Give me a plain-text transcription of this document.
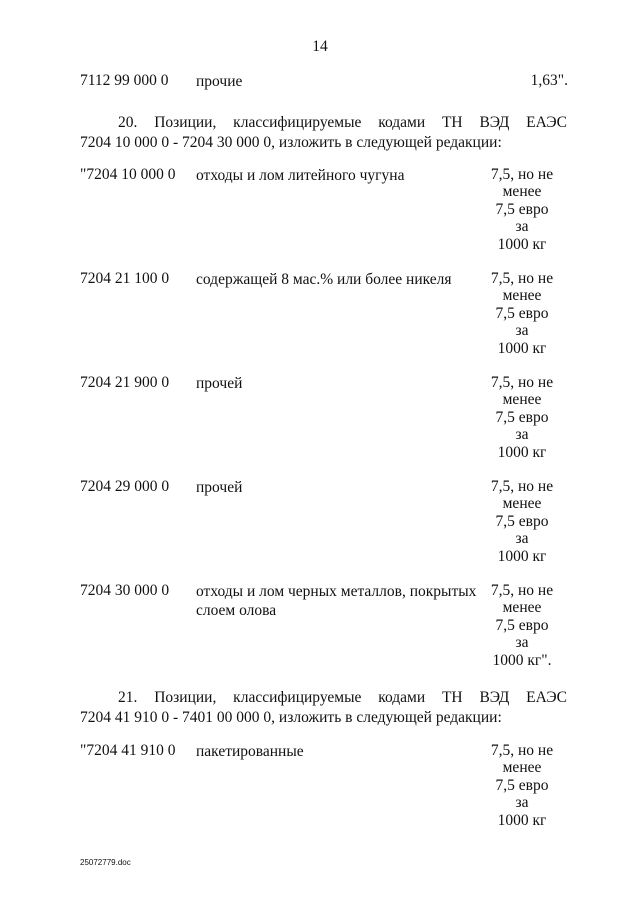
14
7112 99 000 0	прочие	1,63".
20. Позиции, классифицируемые кодами ТН ВЭД ЕАЭС
7204 10 000 0 - 7204 30 000 0, изложить в следующей редакции:
"7204 10 000 0	отходы и лом литейного чугуна	7,5, но не
менее
7,5 евро
за
1000 кг
7204 21 100 0	содержащей 8 мас.% или более никеля	7,5, но не
менее
7,5 евро
за
1000 кг
7204 21 900 0	прочей	7,5, но не
менее
7,5 евро
за
1000 кг
7204 29 000 0	прочей	7,5, но не
менее
7,5 евро
за
1000 кг
7204 30 000 0	отходы и лом черных металлов, покрытых слоем олова
7,5, но не
менее
7,5 евро
за
1000 кг".
21. Позиции, классифицируемые кодами ТН ВЭД ЕАЭС
7204 41 910 0 - 7401 00 000 0, изложить в следующей редакции:
"7204 41 910 0	пакетированные	7,5, но не
менее
7,5 евро
за
1000 кг
25072779.doc
